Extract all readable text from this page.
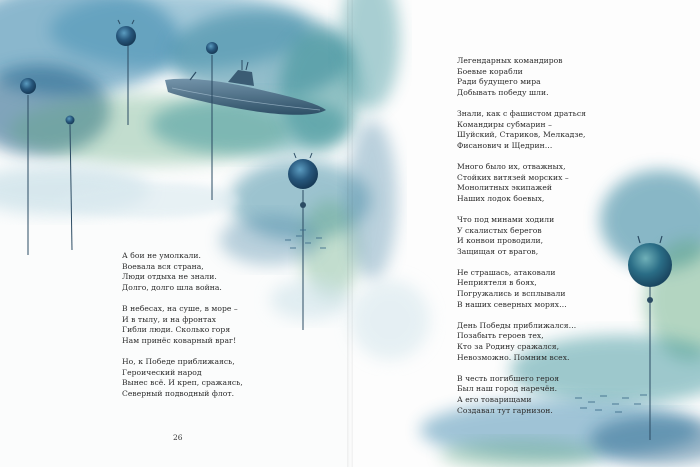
А бои не умолкали.
Воевала вся страна,
Люди отдыха не знали.
Долго, долго шла война.
В небесах, на суше, в море –
И в тылу, и на фронтах
Гибли люди. Сколько горя
Нам принёс коварный враг!
Но, к Победе приближаясь,
Героический народ
Вынес всё. И креп, сражаясь,
Северный подводный флот.
26
Легендарных командиров
Боевые корабли
Ради будущего мира
Добывать победу шли.
Знали, как с фашистом драться
Командиры субмарин –
Шуйский, Стариков, Мелкадзе,
Фисанович и Щедрин…
Много было их, отважных,
Стойких витязей морских –
Монолитных экипажей
Наших лодок боевых,
Что под минами ходили
У скалистых берегов
И конвои проводили,
Защищая от врагов,
Не страшась, атаковали
Неприятеля в боях,
Погружались и всплывали
В наших северных морях…
День Победы приближался…
Позабыть героев тех,
Кто за Родину сражался,
Невозможно. Помним всех.
В честь погибшего героя
Был наш город наречён.
А его товарищами
Создавал тут гарнизон.
